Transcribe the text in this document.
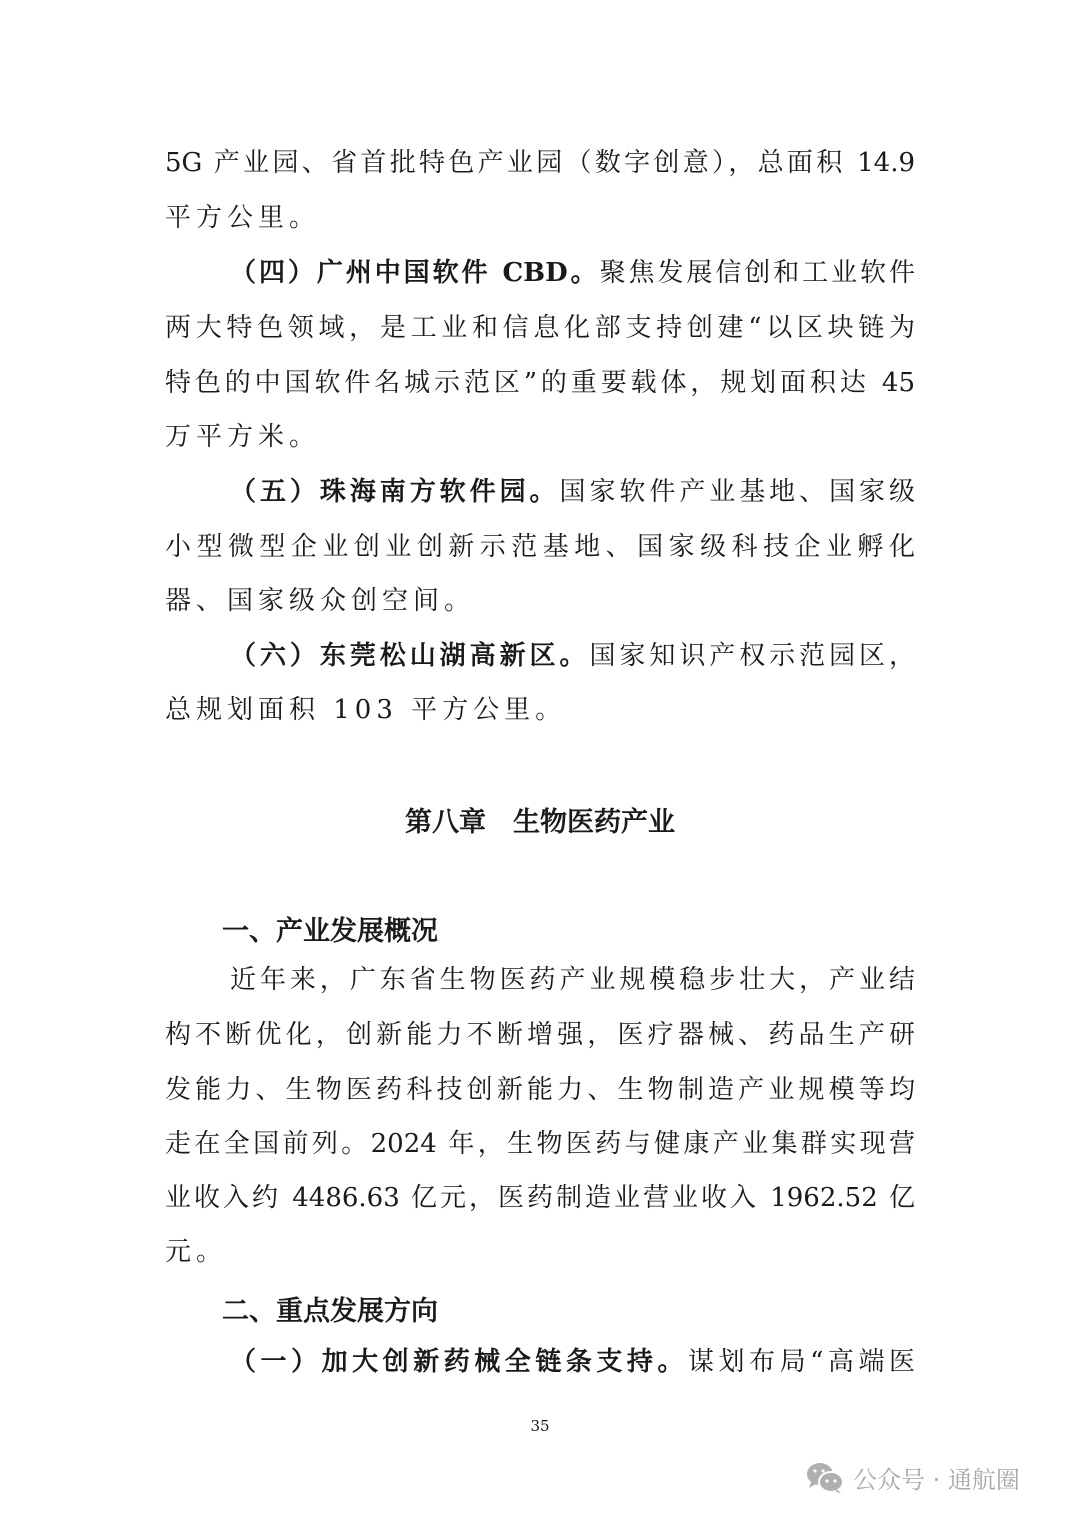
5G 产业园、省首批特色产业园（数字创意），总面积 14.9
平方公里。
（四）广州中国软件 CBD。聚焦发展信创和工业软件
两大特色领域，是工业和信息化部支持创建“以区块链为
特色的中国软件名城示范区”的重要载体，规划面积达 45
万平方米。
（五）珠海南方软件园。国家软件产业基地、国家级
小型微型企业创业创新示范基地、国家级科技企业孵化
器、国家级众创空间。
（六）东莞松山湖高新区。国家知识产权示范园区，
总规划面积 103 平方公里。
第八章　生物医药产业
一、产业发展概况
近年来，广东省生物医药产业规模稳步壮大，产业结
构不断优化，创新能力不断增强，医疗器械、药品生产研
发能力、生物医药科技创新能力、生物制造产业规模等均
走在全国前列。2024 年，生物医药与健康产业集群实现营
业收入约 4486.63 亿元，医药制造业营业收入 1962.52 亿
元。
二、重点发展方向
（一）加大创新药械全链条支持。谋划布局“高端医
35
公众号 · 通航圈
